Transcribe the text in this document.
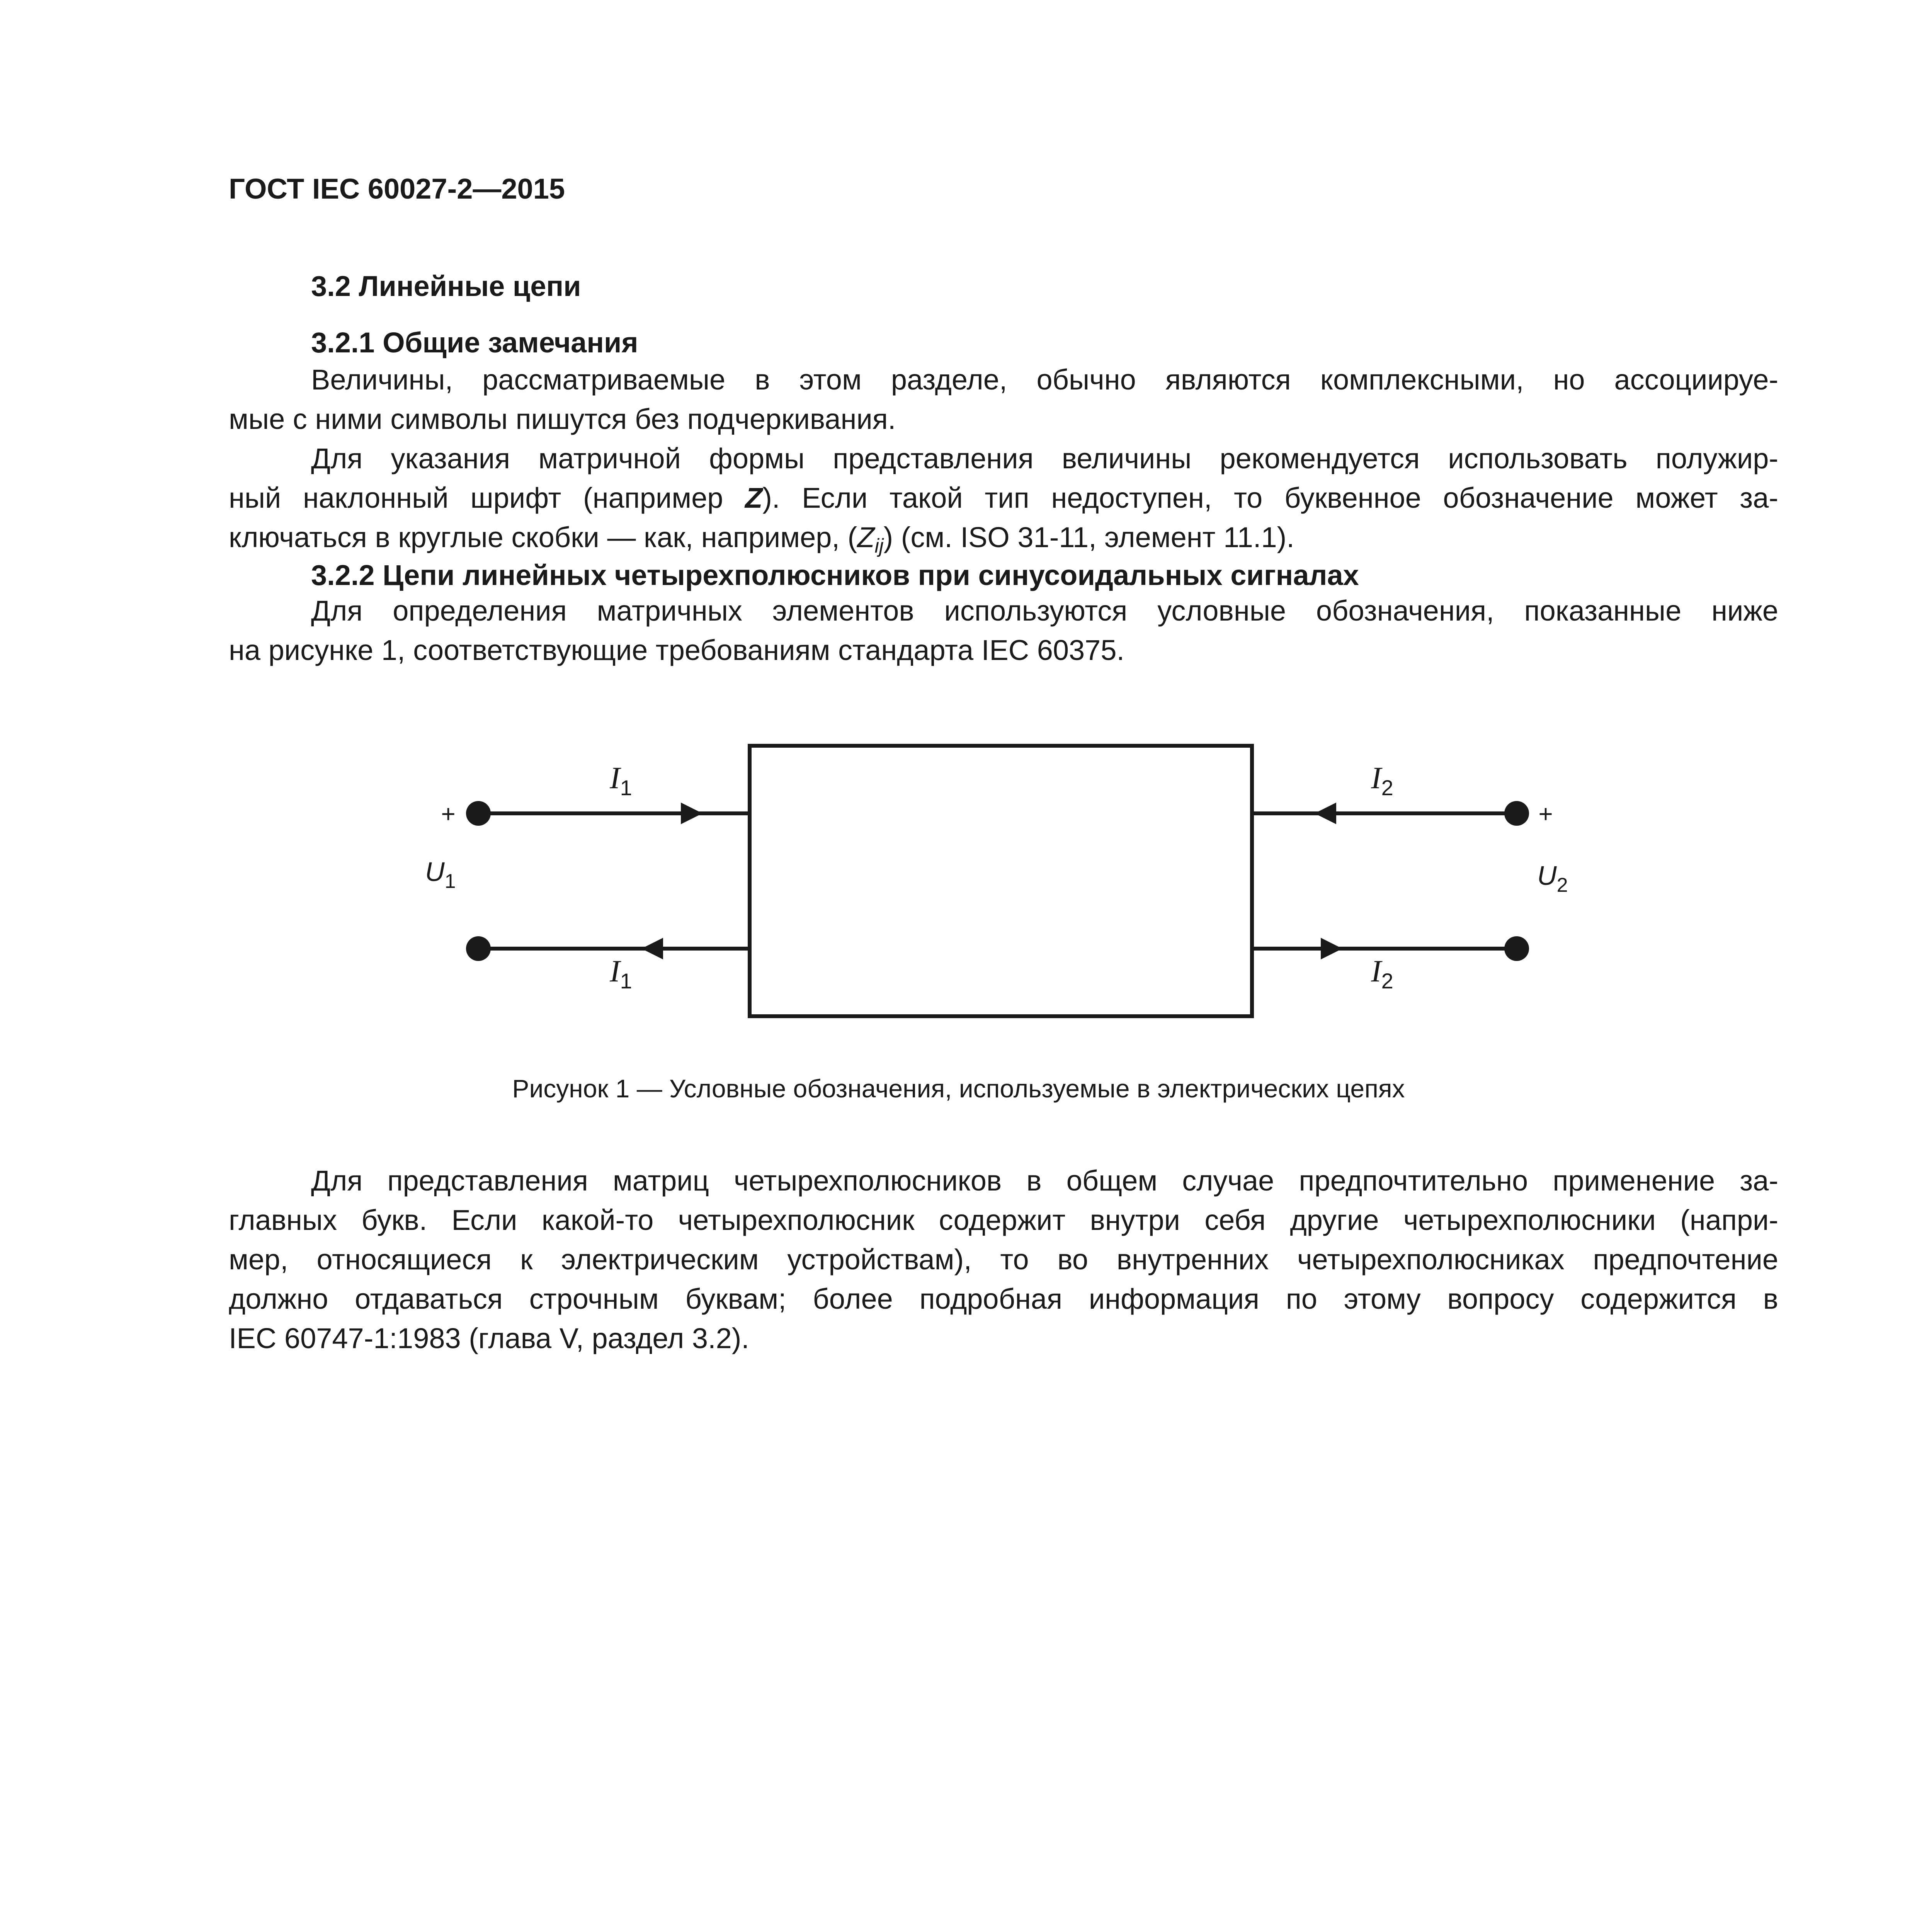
ГОСТ IEC 60027-2—2015
3.2 Линейные цепи
3.2.1 Общие замечания
Величины, рассматриваемые в этом разделе, обычно являются комплексными, но ассоциируе-
мые с ними символы пишутся без подчеркивания.
Для указания матричной формы представления величины рекомендуется использовать полужир-
ный наклонный шрифт (например Z). Если такой тип недоступен, то буквенное обозначение может за-
ключаться в круглые скобки — как, например, $(Z_{ij})$ (см. ISO 31-11, элемент 11.1).
3.2.2 Цепи линейных четырехполюсников при синусоидальных сигналах
Для определения матричных элементов используются условные обозначения, показанные ниже
на рисунке 1, соответствующие требованиям стандарта IEC 60375.
+	+
$I_1$
$I_1$
$I_2$
$I_2$
$U_1$	$U_2$
Рисунок 1 — Условные обозначения, используемые в электрических цепях
Для представления матриц четырехполюсников в общем случае предпочтительно применение за-
главных букв. Если какой-то четырехполюсник содержит внутри себя другие четырехполюсники (напри-
мер, относящиеся к электрическим устройствам), то во внутренних четырехполюсниках предпочтение
должно отдаваться строчным буквам; более подробная информация по этому вопросу содержится в
IEC 60747-1:1983 (глава V, раздел 3.2).
